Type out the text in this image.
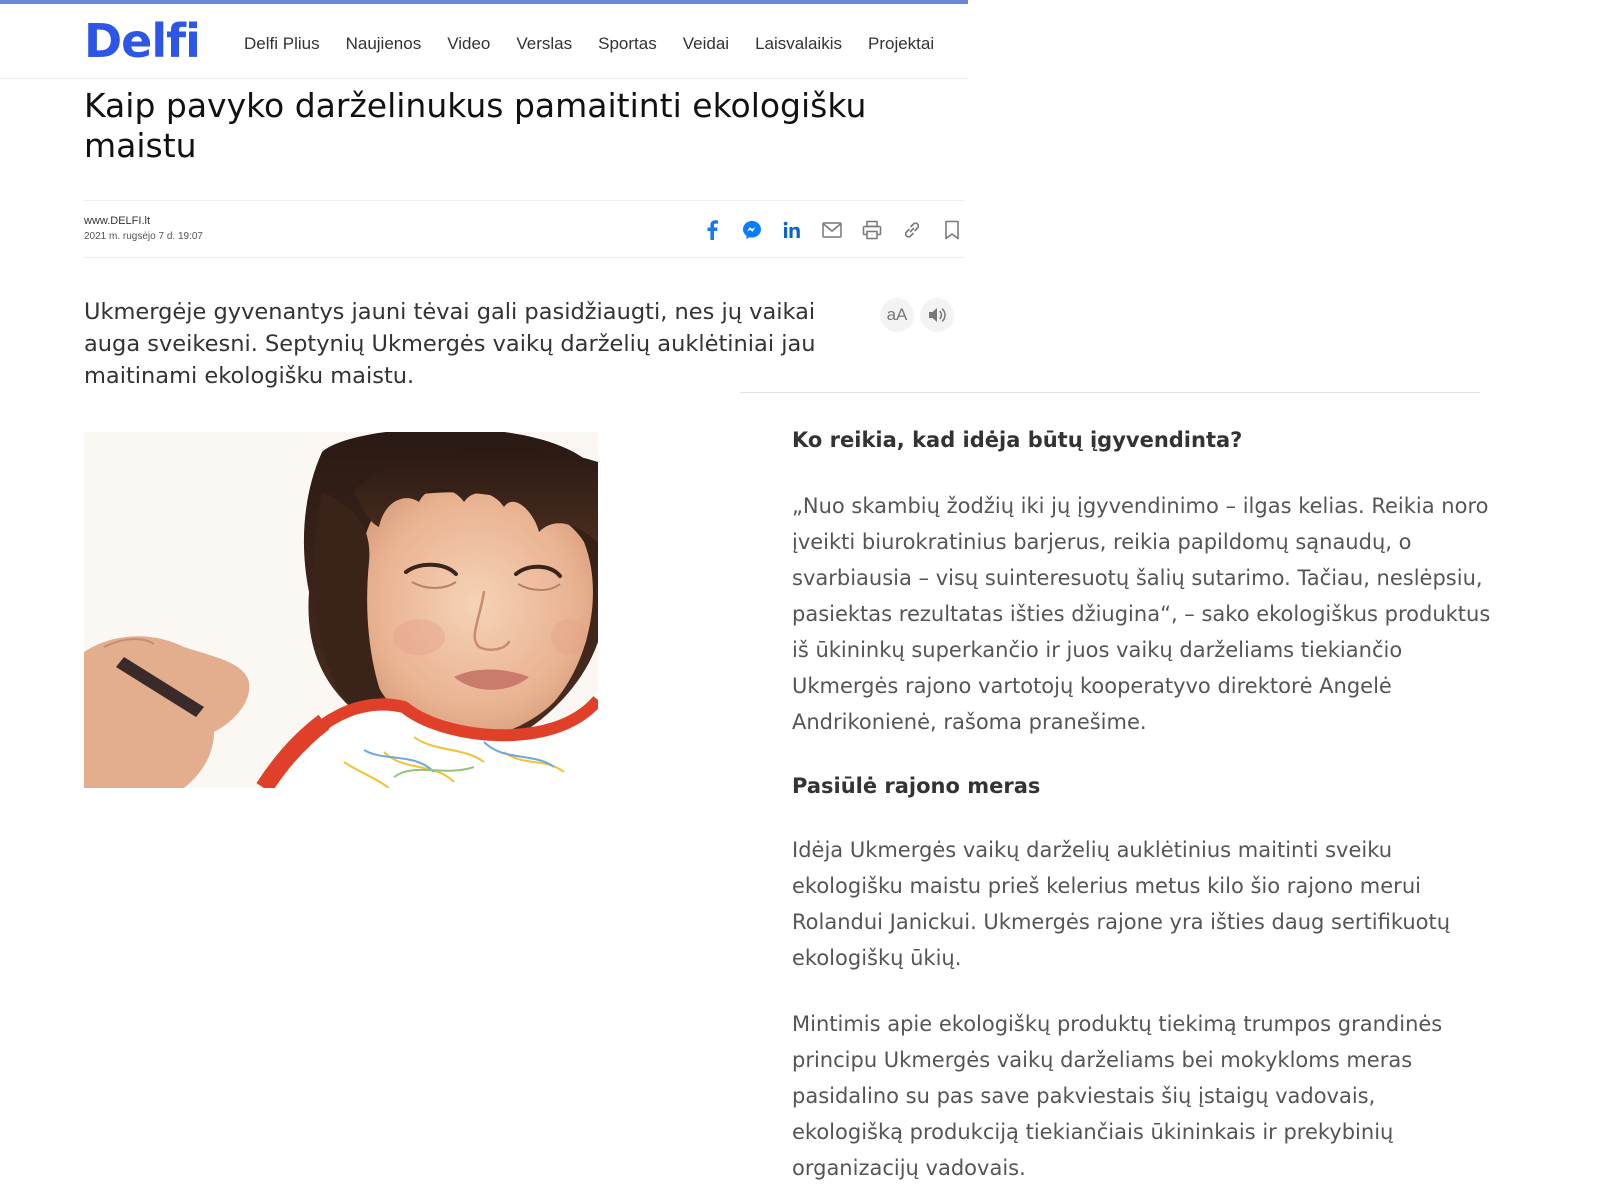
Delfi	Delfi Plius Naujienos Video Verslas Sportas Veidai Laisvalaikis Projektai
Kaip pavyko darželinukus pamaitinti ekologišku maistu
www.DELFI.lt
2021 m. rugsėjo 7 d. 19:07

Ukmergėje gyvenantys jauni tėvai gali pasidžiaugti, nes jų vaikai auga sveikesni. Septynių Ukmergės vaikų darželių auklėtiniai jau maitinami ekologišku maistu.

aA
Ko reikia, kad idėja būtų įgyvendinta?

„Nuo skambių žodžių iki jų įgyvendinimo – ilgas kelias. Reikia noro įveikti biurokratinius barjerus, reikia papildomų sąnaudų, o svarbiausia – visų suinteresuotų šalių sutarimo. Tačiau, neslėpsiu, pasiektas rezultatas išties džiugina“, – sako ekologiškus produktus iš ūkininkų superkančio ir juos vaikų darželiams tiekiančio Ukmergės rajono vartotojų kooperatyvo direktorė Angelė Andrikonienė, rašoma pranešime.

Pasiūlė rajono meras

Idėja Ukmergės vaikų darželių auklėtinius maitinti sveiku ekologišku maistu prieš kelerius metus kilo šio rajono merui Rolandui Janickui. Ukmergės rajone yra išties daug sertifikuotų ekologiškų ūkių.

Mintimis apie ekologiškų produktų tiekimą trumpos grandinės principu Ukmergės vaikų darželiams bei mokykloms meras pasidalino su pas save pakviestais šių įstaigų vadovais, ekologišką produkciją tiekiančiais ūkininkais ir prekybinių organizacijų vadovais.
